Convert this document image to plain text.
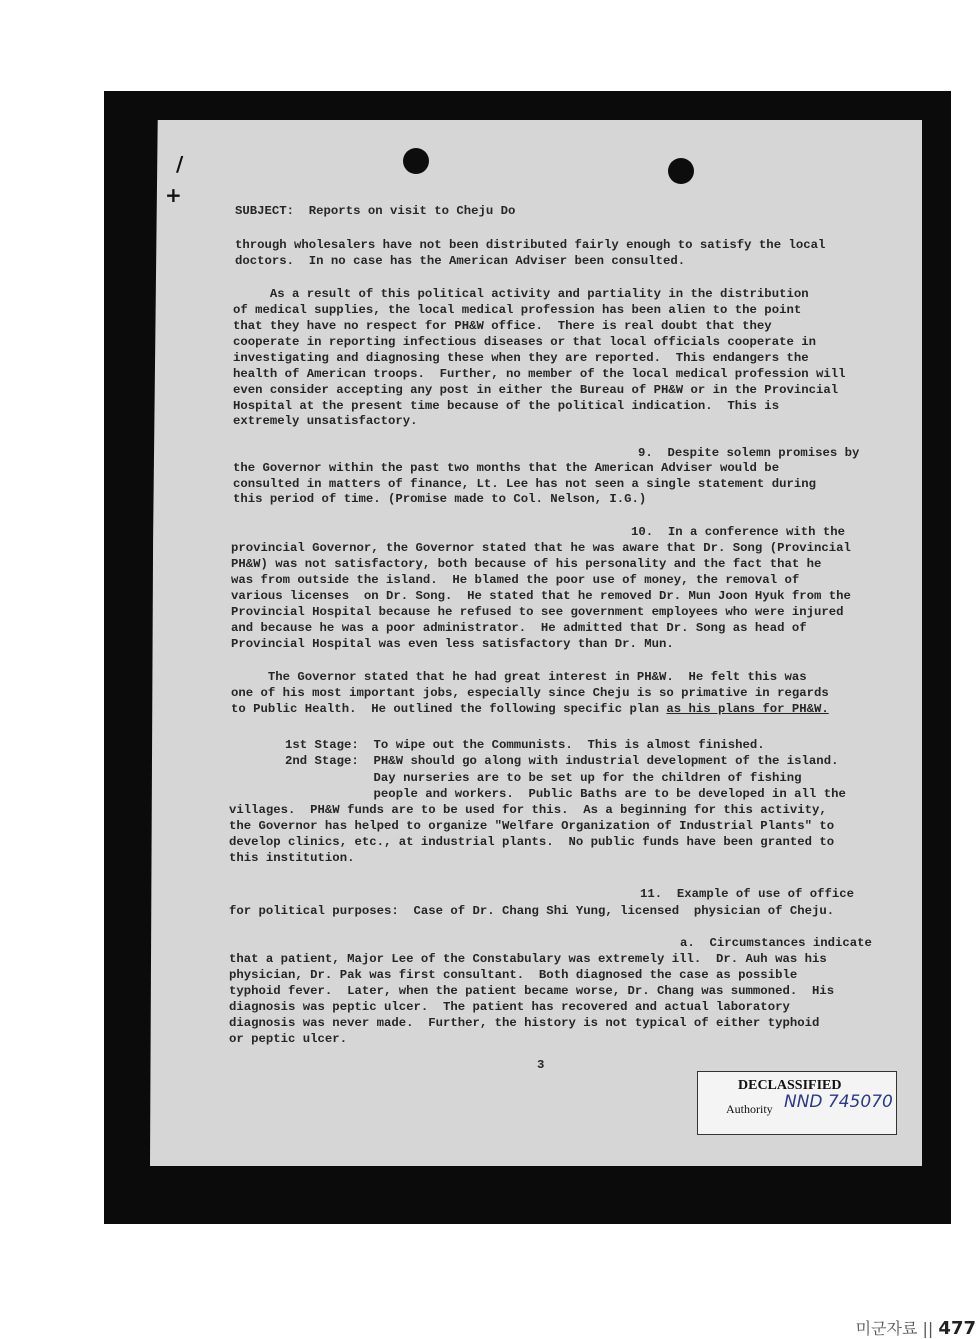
/
+
SUBJECT:  Reports on visit to Cheju Do
through wholesalers have not been distributed fairly enough to satisfy the local
doctors.  In no case has the American Adviser been consulted.
As a result of this political activity and partiality in the distribution
of medical supplies, the local medical profession has been alien to the point
that they have no respect for PH&W office.  There is real doubt that they
cooperate in reporting infectious diseases or that local officials cooperate in
investigating and diagnosing these when they are reported.  This endangers the
health of American troops.  Further, no member of the local medical profession will
even consider accepting any post in either the Bureau of PH&W or in the Provincial
Hospital at the present time because of the political indication.  This is
extremely unsatisfactory.
9.  Despite solemn promises by
the Governor within the past two months that the American Adviser would be
consulted in matters of finance, Lt. Lee has not seen a single statement during
this period of time. (Promise made to Col. Nelson, I.G.)
10.  In a conference with the
provincial Governor, the Governor stated that he was aware that Dr. Song (Provincial
PH&W) was not satisfactory, both because of his personality and the fact that he
was from outside the island.  He blamed the poor use of money, the removal of
various licenses  on Dr. Song.  He stated that he removed Dr. Mun Joon Hyuk from the
Provincial Hospital because he refused to see government employees who were injured
and because he was a poor administrator.  He admitted that Dr. Song as head of
Provincial Hospital was even less satisfactory than Dr. Mun.
The Governor stated that he had great interest in PH&W.  He felt this was
one of his most important jobs, especially since Cheju is so primative in regards
to Public Health.  He outlined the following specific plan as his plans for PH&W.
1st Stage:  To wipe out the Communists.  This is almost finished.
2nd Stage:  PH&W should go along with industrial development of the island.
Day nurseries are to be set up for the children of fishing
people and workers.  Public Baths are to be developed in all the
villages.  PH&W funds are to be used for this.  As a beginning for this activity,
the Governor has helped to organize "Welfare Organization of Industrial Plants" to
develop clinics, etc., at industrial plants.  No public funds have been granted to
this institution.
11.  Example of use of office
for political purposes:  Case of Dr. Chang Shi Yung, licensed  physician of Cheju.
a.  Circumstances indicate
that a patient, Major Lee of the Constabulary was extremely ill.  Dr. Auh was his
physician, Dr. Pak was first consultant.  Both diagnosed the case as possible
typhoid fever.  Later, when the patient became worse, Dr. Chang was summoned.  His
diagnosis was peptic ulcer.  The patient has recovered and actual laboratory
diagnosis was never made.  Further, the history is not typical of either typhoid
or peptic ulcer.
3
DECLASSIFIED
Authority NND 745070
미군자료 || 477
